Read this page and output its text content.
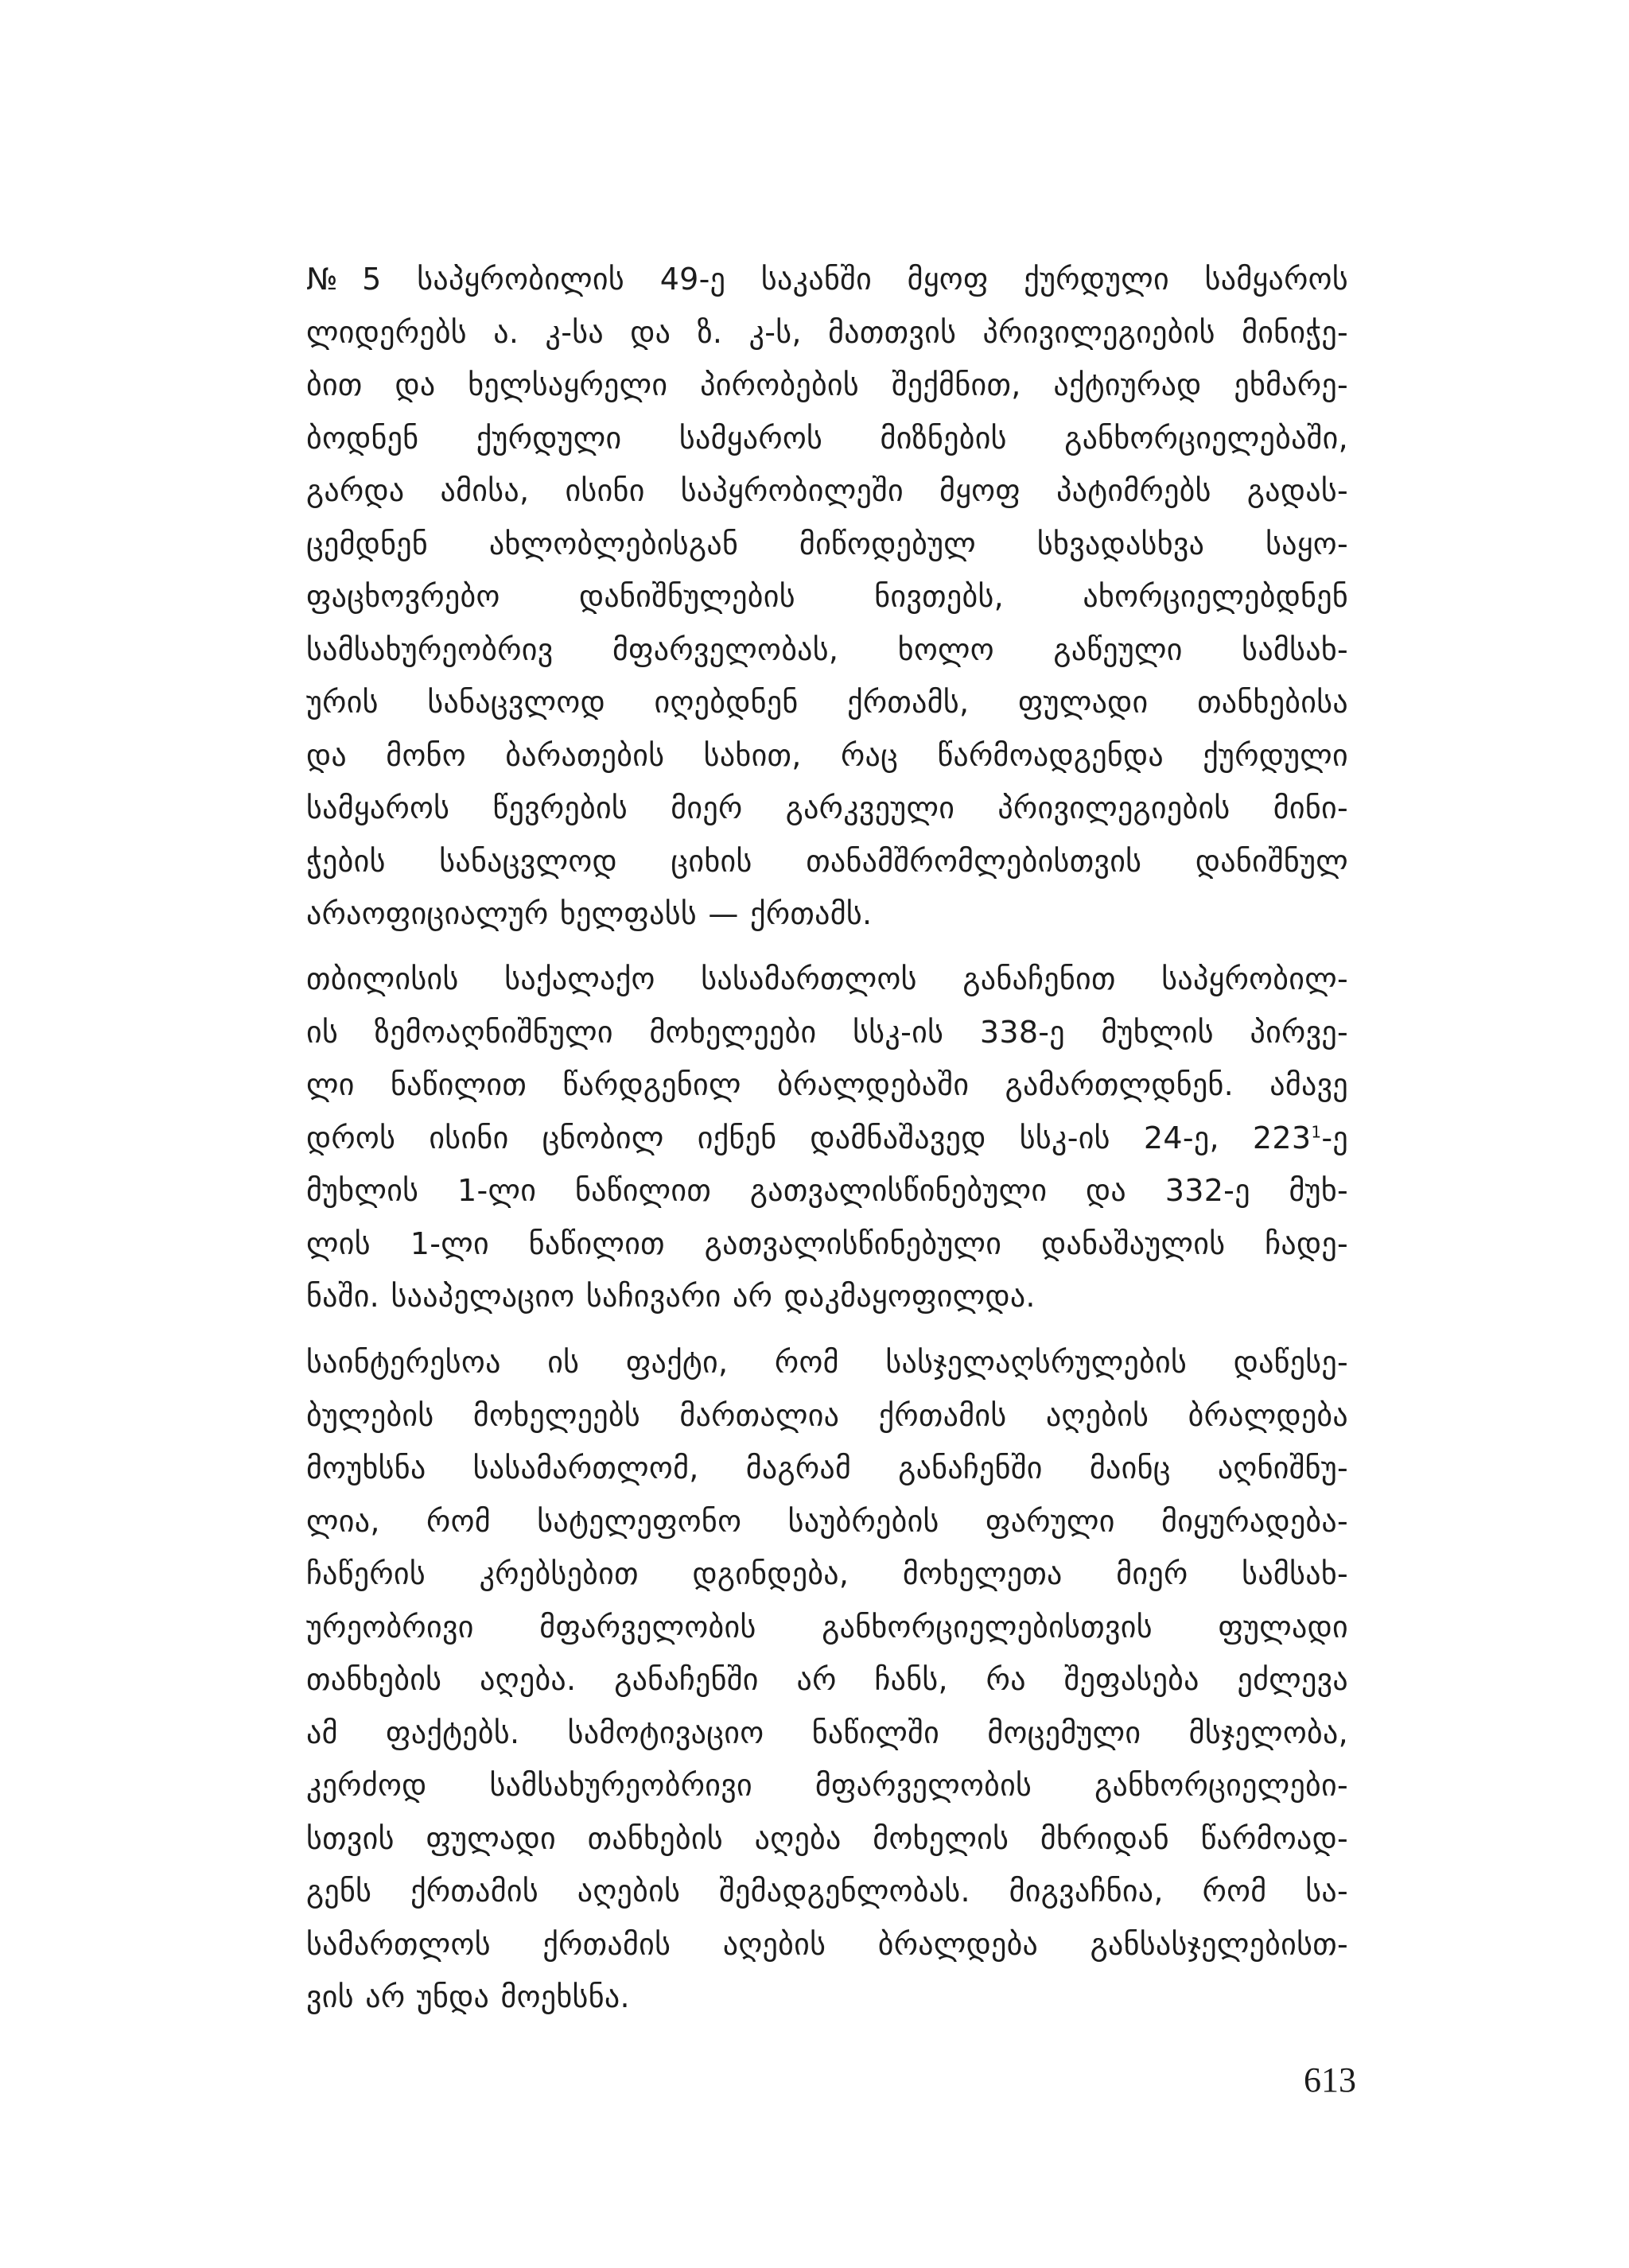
№5 საპყრობილის 49-ე საკანში მყოფ ქურდული სამყაროს
ლიდერებს ა. კ-სა და ზ. კ-ს, მათთვის პრივილეგიების მინიჭე-
ბით და ხელსაყრელი პირობების შექმნით, აქტიურად ეხმარე-
ბოდნენ ქურდული სამყაროს მიზნების განხორციელებაში,
გარდა ამისა, ისინი საპყრობილეში მყოფ პატიმრებს გადას-
ცემდნენ ახლობლებისგან მიწოდებულ სხვადასხვა საყო-
ფაცხოვრებო დანიშნულების ნივთებს, ახორციელებდნენ
სამსახურეობრივ მფარველობას, ხოლო გაწეული სამსახ-
ურის სანაცვლოდ იღებდნენ ქრთამს, ფულადი თანხებისა
და მონო ბარათების სახით, რაც წარმოადგენდა ქურდული
სამყაროს წევრების მიერ გარკვეული პრივილეგიების მინი-
ჭების სანაცვლოდ ციხის თანამშრომლებისთვის დანიშნულ
არაოფიციალურ ხელფასს — ქრთამს.

თბილისის საქალაქო სასამართლოს განაჩენით საპყრობილ-
ის ზემოაღნიშნული მოხელეები სსკ-ის 338-ე მუხლის პირვე-
ლი ნაწილით წარდგენილ ბრალდებაში გამართლდნენ. ამავე
დროს ისინი ცნობილ იქნენ დამნაშავედ სსკ-ის 24-ე, 223$^1$-ე
მუხლის 1-ლი ნაწილით გათვალისწინებული და 332-ე მუხ-
ლის 1-ლი ნაწილით გათვალისწინებული დანაშაულის ჩადე-
ნაში. სააპელაციო საჩივარი არ დაკმაყოფილდა.

საინტერესოა ის ფაქტი, რომ სასჯელაღსრულების დაწესე-
ბულების მოხელეებს მართალია ქრთამის აღების ბრალდება
მოუხსნა სასამართლომ, მაგრამ განაჩენში მაინც აღნიშნუ-
ლია, რომ სატელეფონო საუბრების ფარული მიყურადება-
ჩაწერის კრებსებით დგინდება, მოხელეთა მიერ სამსახ-
ურეობრივი მფარველობის განხორციელებისთვის ფულადი
თანხების აღება. განაჩენში არ ჩანს, რა შეფასება ეძლევა
ამ ფაქტებს. სამოტივაციო ნაწილში მოცემული მსჯელობა,
კერძოდ სამსახურეობრივი მფარველობის განხორციელები-
სთვის ფულადი თანხების აღება მოხელის მხრიდან წარმოად-
გენს ქრთამის აღების შემადგენლობას. მიგვაჩნია, რომ სა-
სამართლოს ქრთამის აღების ბრალდება განსასჯელებისთ-
ვის არ უნდა მოეხსნა.

613
